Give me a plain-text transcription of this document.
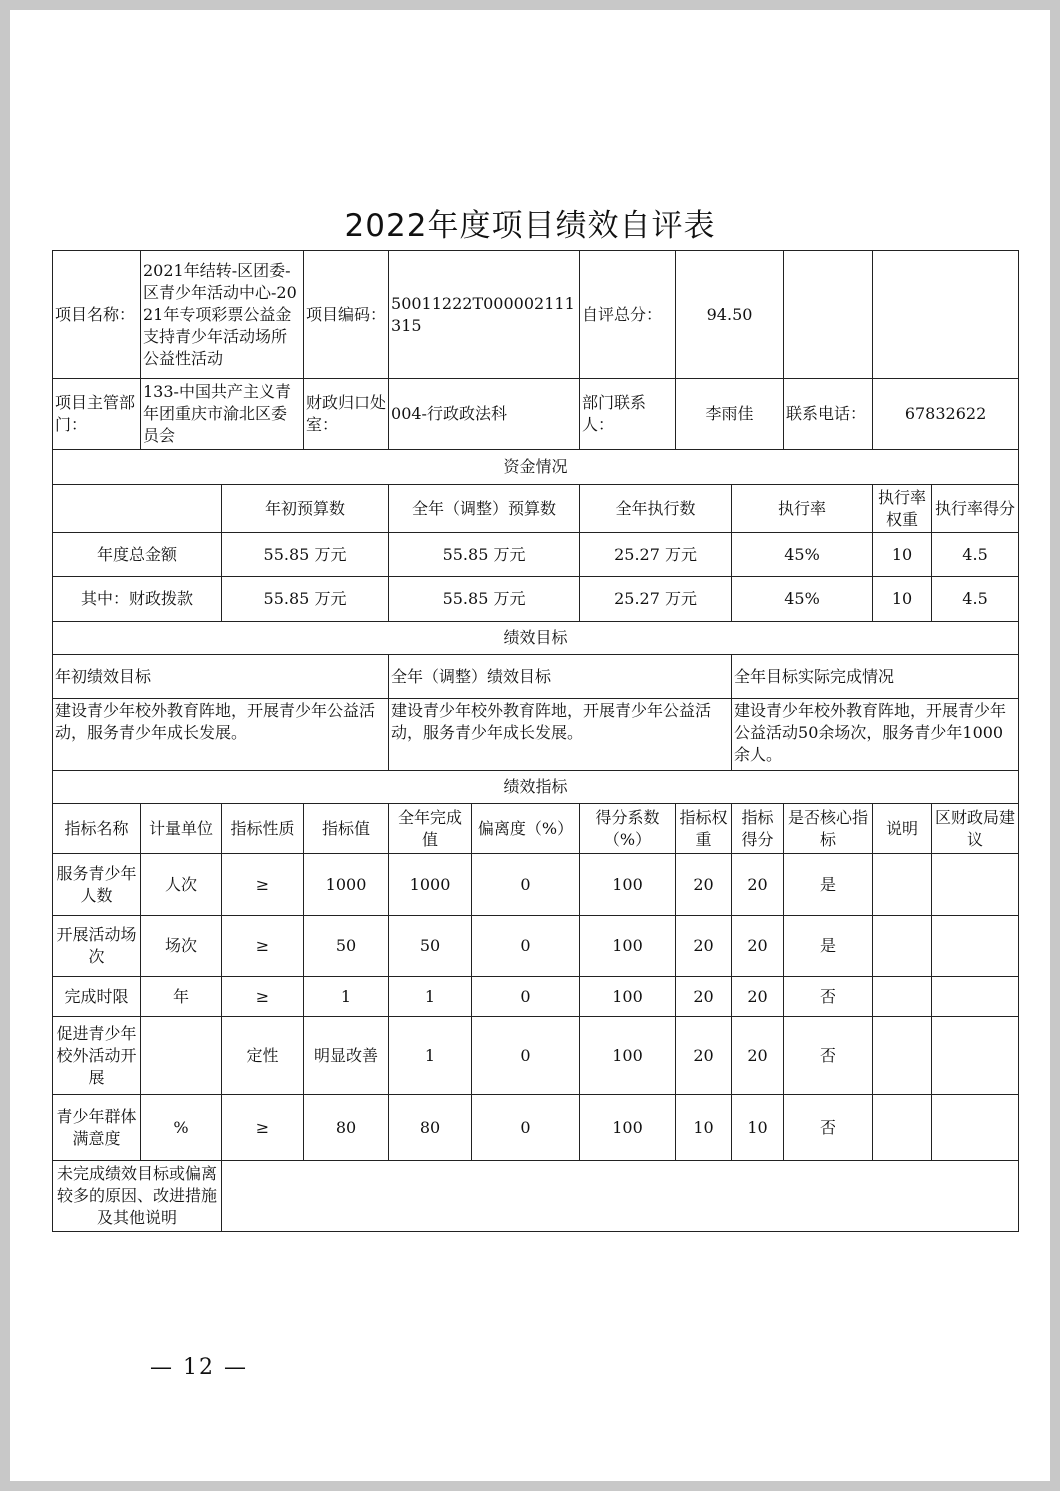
2022年度项目绩效自评表
项目名称：	2021年结转-区团委-区青少年活动中心-2021年专项彩票公益金支持青少年活动场所公益性活动		项目编码：	50011222T000002111315		自评总分：	94.50				
项目主管部门：	133-中国共产主义青年团重庆市渝北区委员会		财政归口处室：	004-行政政法科		部门联系人：	李雨佳		联系电话：	67832622	
资金情况											
		年初预算数		全年（调整）预算数		全年执行数		执行率		执行率权重	执行率得分
年度总金额		55.85 万元		55.85 万元		25.27 万元		45%		10	4.5
其中：财政拨款		55.85 万元		55.85 万元		25.27 万元		45%		10	4.5
绩效目标											
年初绩效目标				全年（调整）绩效目标				全年目标实际完成情况			
建设青少年校外教育阵地，开展青少年公益活动，服务青少年成长发展。				建设青少年校外教育阵地，开展青少年公益活动，服务青少年成长发展。				建设青少年校外教育阵地，开展青少年公益活动50余场次，服务青少年1000余人。			
绩效指标											
指标名称	计量单位	指标性质	指标值	全年完成值	偏离度（%）	得分系数（%）	指标权重	指标得分	是否核心指标	说明	区财政局建议
服务青少年人数	人次	≥	1000	1000	0	100	20	20	是		
开展活动场次	场次	≥	50	50	0	100	20	20	是		
完成时限	年	≥	1	1	0	100	20	20	否		
促进青少年校外活动开展		定性	明显改善	1	0	100	20	20	否		
青少年群体满意度	%	≥	80	80	0	100	10	10	否		
未完成绩效目标或偏离较多的原因、改进措施及其他说明											
— 12 —
